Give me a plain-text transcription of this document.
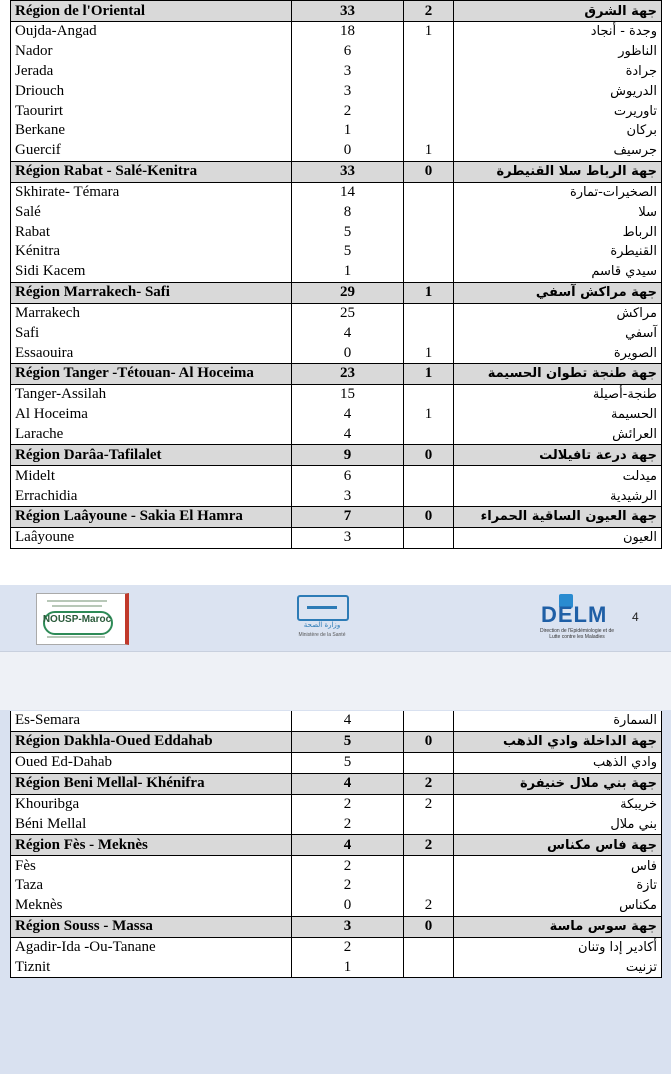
Région de l'Oriental	33	2	جهة الشرق
Oujda-Angad	18	1	وجدة - أنجاد
Nador	6		الناظور
Jerada	3		جرادة
Driouch	3		الدريوش
Taourirt	2		تاوريرت
Berkane	1		بركان
Guercif	0	1	جرسيف
Région Rabat - Salé-Kenitra	33	0	جهة الرباط سلا القنيطرة
Skhirate- Témara	14		الصخيرات-تمارة
Salé	8		سلا
Rabat	5		الرباط
Kénitra	5		القنيطرة
Sidi Kacem	1		سيدي قاسم
Région Marrakech- Safi	29	1	جهة مراكش آسفي
Marrakech	25		مراكش
Safi	4		آسفي
Essaouira	0	1	الصويرة
Région Tanger -Tétouan- Al Hoceima	23	1	جهة طنجة تطوان الحسيمة
Tanger-Assilah	15		طنجة-أصيلة
Al Hoceima	4	1	الحسيمة
Larache	4		العرائش
Région Darâa-Tafilalet	9	0	جهة درعة تافيلالت
Midelt	6		ميدلت
Errachidia	3		الرشيدية
Région Laâyoune - Sakia El Hamra	7	0	جهة العيون الساقية الحمراء
Laâyoune	3		العيون
NOUSP-Maroc	وزارة الصحة
Ministère de la Santé
DELM
Direction de l'Epidémiologie et de Lutte contre les Maladies
4
Es-Semara	4		السمارة
Région Dakhla-Oued Eddahab	5	0	جهة الداخلة وادي الذهب
Oued Ed-Dahab	5		وادي الذهب
Région Beni Mellal- Khénifra	4	2	جهة بني ملال خنيفرة
Khouribga	2	2	خريبكة
Béni Mellal	2		بني ملال
Région Fès - Meknès	4	2	جهة فاس مكناس
Fès	2		فاس
Taza	2		تازة
Meknès	0	2	مكناس
Région Souss - Massa	3	0	جهة سوس ماسة
Agadir-Ida -Ou-Tanane	2		أكادير إدا وتنان
Tiznit	1		تزنيت
